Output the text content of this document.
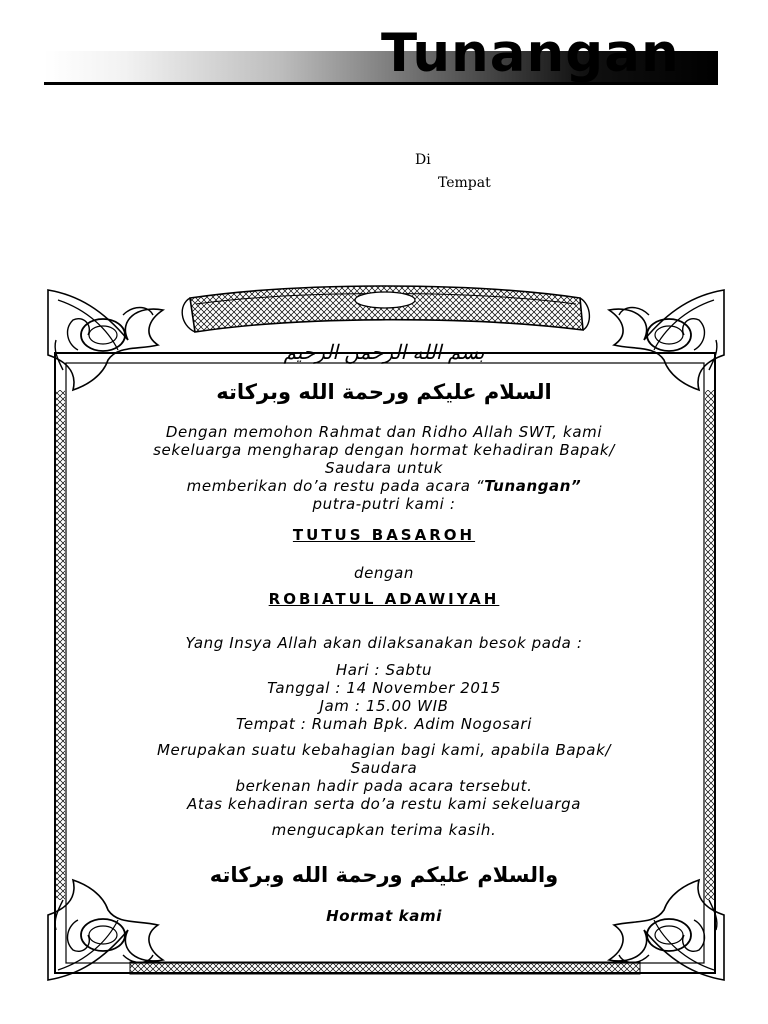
Tunangan
Di
Tempat
بسم الله الرحمن الرحيم
السلام عليكم ورحمة الله وبركاته
Dengan memohon Rahmat dan Ridho Allah SWT, kami
sekeluarga mengharap dengan hormat kehadiran Bapak/
Saudara untuk
memberikan do’a restu pada acara “Tunangan”
putra-putri kami :
TUTUS BASAROH
dengan
ROBIATUL ADAWIYAH
Yang Insya Allah akan dilaksanakan besok pada :
Hari : Sabtu
Tanggal : 14 November 2015
Jam : 15.00 WIB
Tempat : Rumah Bpk. Adim Nogosari
Merupakan suatu kebahagian bagi kami, apabila Bapak/
Saudara
berkenan hadir pada acara tersebut.
Atas kehadiran serta do’a restu kami sekeluarga
mengucapkan terima kasih.
والسلام عليكم ورحمة الله وبركاته
Hormat kami
